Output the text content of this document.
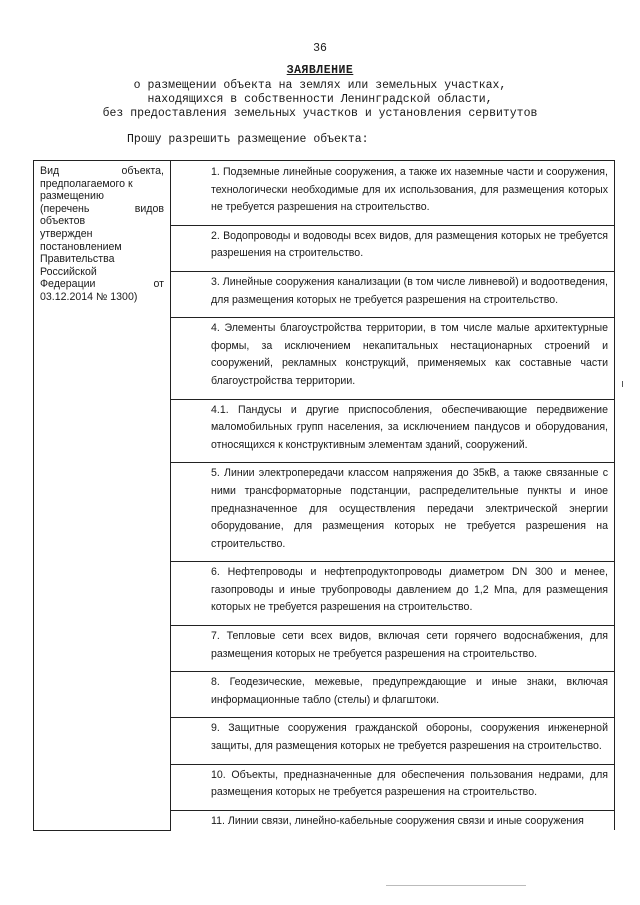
36
ЗАЯВЛЕНИЕ
о размещении объекта на землях или земельных участках,
находящихся в собственности Ленинградской области,
без предоставления земельных участков и установления сервитутов
Прошу разрешить размещение объекта:
Вид объекта,
предполагаемого к
размещению
(перечень видов
объектов
утвержден
постановлением
Правительства
Российской
Федерации от
03.12.2014 № 1300)

1. Подземные линейные сооружения, а также их наземные части и сооружения, технологически необходимые для их использования, для размещения которых не требуется разрешения на строительство.
2. Водопроводы и водоводы всех видов, для размещения которых не требуется разрешения на строительство.
3. Линейные сооружения канализации (в том числе ливневой) и водоотведения, для размещения которых не требуется разрешения на строительство.
4. Элементы благоустройства территории, в том числе малые архитектурные формы, за исключением некапитальных нестационарных строений и сооружений, рекламных конструкций, применяемых как составные части благоустройства территории.
4.1. Пандусы и другие приспособления, обеспечивающие передвижение маломобильных групп населения, за исключением пандусов и оборудования, относящихся к конструктивным элементам зданий, сооружений.
5. Линии электропередачи классом напряжения до 35кВ, а также связанные с ними трансформаторные подстанции, распределительные пункты и иное предназначенное для осуществления передачи электрической энергии оборудование, для размещения которых не требуется разрешения на строительство.
6. Нефтепроводы и нефтепродуктопроводы диаметром DN 300 и менее, газопроводы и иные трубопроводы давлением до 1,2 Мпа, для размещения которых не требуется разрешения на строительство.
7. Тепловые сети всех видов, включая сети горячего водоснабжения, для размещения которых не требуется разрешения на строительство.
8. Геодезические, межевые, предупреждающие и иные знаки, включая информационные табло (стелы) и флагштоки.
9. Защитные сооружения гражданской обороны, сооружения инженерной защиты, для размещения которых не требуется разрешения на строительство.
10. Объекты, предназначенные для обеспечения пользования недрами, для размещения которых не требуется разрешения на строительство.
11. Линии связи, линейно-кабельные сооружения связи и иные сооружения
